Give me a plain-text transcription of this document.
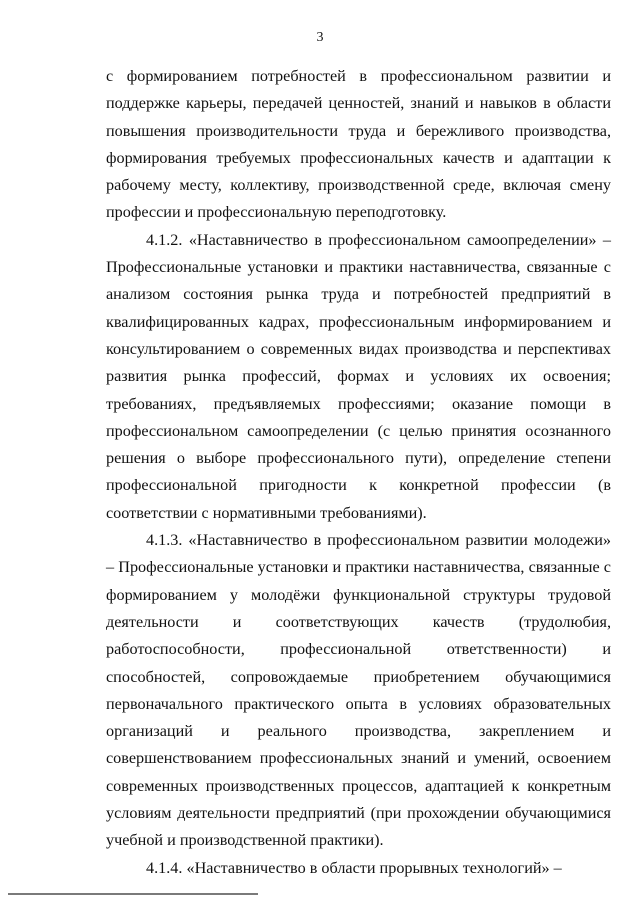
3

с формированием потребностей в профессиональном развитии и поддержке карьеры, передачей ценностей, знаний и навыков в области повышения производительности труда и бережливого производства, формирования требуемых профессиональных качеств и адаптации к рабочему месту, коллективу, производственной среде, включая смену профессии и профессиональную переподготовку.

4.1.2. «Наставничество в профессиональном самоопределении» – Профессиональные установки и практики наставничества, связанные с анализом состояния рынка труда и потребностей предприятий в квалифицированных кадрах, профессиональным информированием и консультированием о современных видах производства и перспективах развития рынка профессий, формах и условиях их освоения; требованиях, предъявляемых профессиями; оказание помощи в профессиональном самоопределении (с целью принятия осознанного решения о выборе профессионального пути), определение степени профессиональной пригодности к конкретной профессии (в соответствии с нормативными требованиями).

4.1.3. «Наставничество в профессиональном развитии молодежи» – Профессиональные установки и практики наставничества, связанные с формированием у молодёжи функциональной структуры трудовой деятельности и соответствующих качеств (трудолюбия, работоспособности, профессиональной ответственности) и способностей, сопровождаемые приобретением обучающимися первоначального практического опыта в условиях образовательных организаций и реального производства, закреплением и совершенствованием профессиональных знаний и умений, освоением современных производственных процессов, адаптацией к конкретным условиям деятельности предприятий (при прохождении обучающимися учебной и производственной практики).

4.1.4. «Наставничество в области прорывных технологий» –
